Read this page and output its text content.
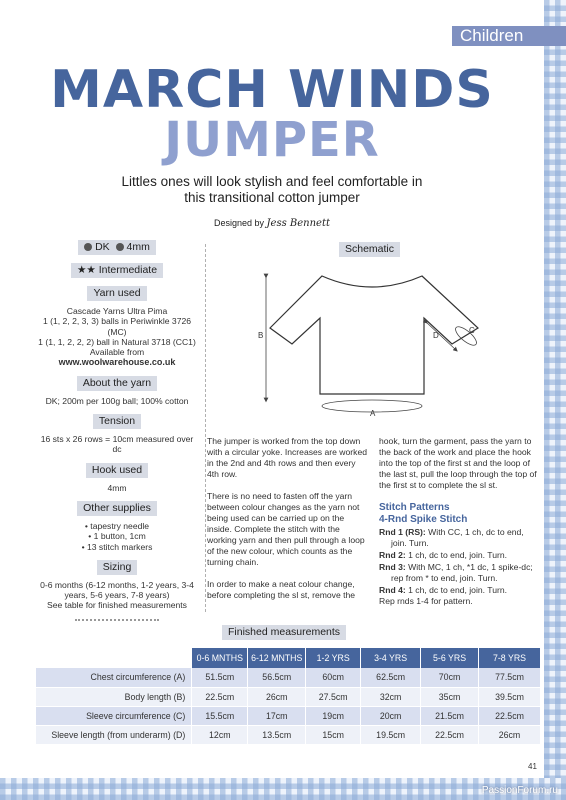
Children
MARCH WINDS
JUMPER
Littles ones will look stylish and feel comfortable in
this transitional cotton jumper
Designed by Jess Bennett
DK 4mm
★★ Intermediate
Yarn used
Cascade Yarns Ultra Pima
1 (1, 2, 2, 3, 3) balls in Periwinkle 3726 (MC)
1 (1, 1, 2, 2, 2) ball in Natural 3718 (CC1)
Available from
www.woolwarehouse.co.uk
About the yarn
DK; 200m per 100g ball; 100% cotton
Tension
16 sts x 26 rows = 10cm measured over dc
Hook used
4mm
Other supplies
• tapestry needle
• 1 button, 1cm
• 13 stitch markers
Sizing
0-6 months (6-12 months, 1-2 years, 3-4
years, 5-6 years, 7-8 years)
See table for finished measurements
Schematic
B
A
D
C

The jumper is worked from the top down with a circular yoke. Increases are worked in the 2nd and 4th rows and then every 4th row.

There is no need to fasten off the yarn between colour changes as the yarn not being used can be carried up on the inside. Complete the stitch with the working yarn and then pull through a loop of the new colour, which counts as the turning chain.

In order to make a neat colour change, before completing the sl st, remove the

hook, turn the garment, pass the yarn to the back of the work and place the hook into the top of the first st and the loop of the last st, pull the loop through the top of the first st to complete the sl st.
Stitch Patterns
4-Rnd Spike Stitch
Rnd 1 (RS): With CC, 1 ch, dc to end,
join. Turn.
Rnd 2: 1 ch, dc to end, join. Turn.
Rnd 3: With MC, 1 ch, *1 dc, 1 spike-dc;
rep from * to end, join. Turn.
Rnd 4: 1 ch, dc to end, join. Turn.
Rep rnds 1-4 for pattern.
Finished measurements
	0-6 MNTHS	6-12 MNTHS	1-2 YRS	3-4 YRS	5-6 YRS	7-8 YRS
Chest circumference (A)	51.5cm	56.5cm	60cm	62.5cm	70cm	77.5cm
Body length (B)	22.5cm	26cm	27.5cm	32cm	35cm	39.5cm
Sleeve circumference (C)	15.5cm	17cm	19cm	20cm	21.5cm	22.5cm
Sleeve length (from underarm) (D)	12cm	13.5cm	15cm	19.5cm	22.5cm	26cm
41
PassionForum.ru
